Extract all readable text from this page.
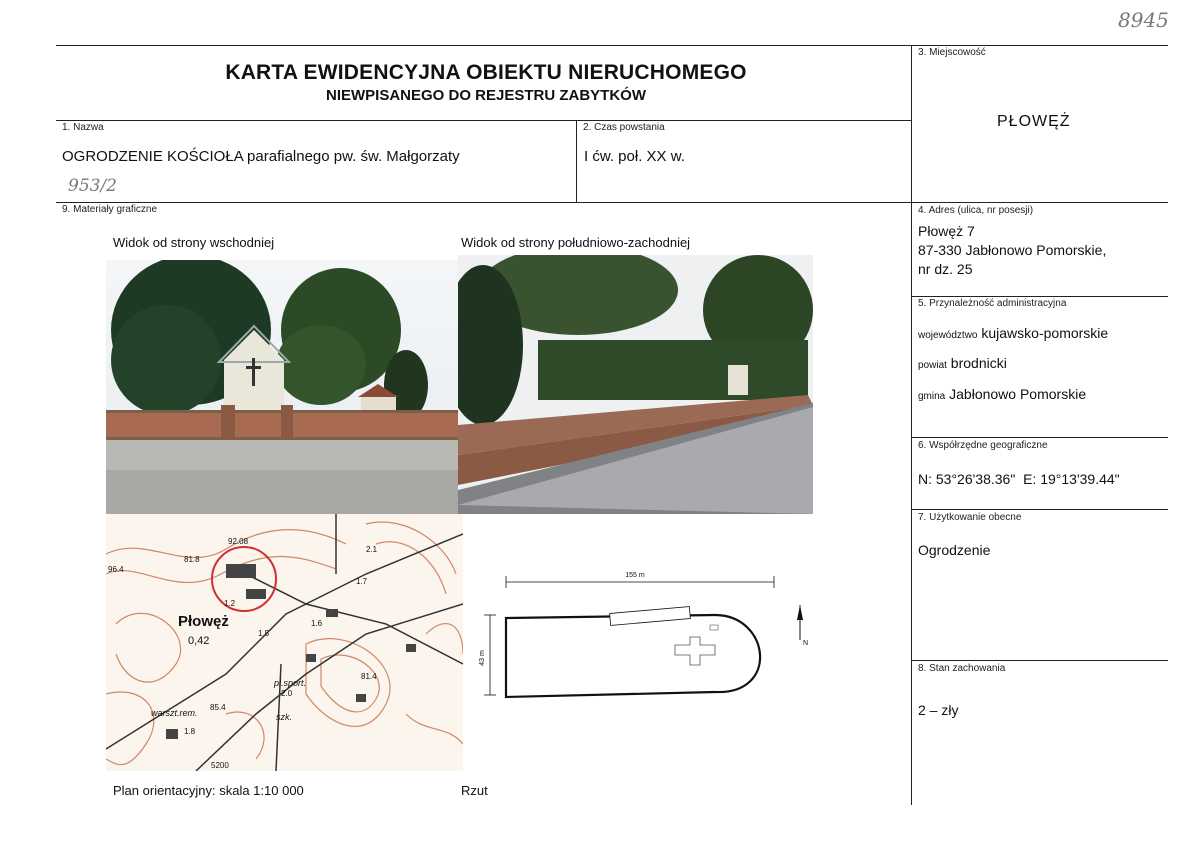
8945
KARTA EWIDENCYJNA OBIEKTU NIERUCHOMEGO
NIEWPISANEGO DO REJESTRU ZABYTKÓW
1. Nazwa
OGRODZENIE KOŚCIOŁA parafialnego pw. św. Małgorzaty
953/2
2. Czas powstania
I ćw. poł. XX w.
3. Miejscowość
PŁOWĘŻ
4. Adres (ulica, nr posesji)
Płowęż 7
87-330 Jabłonowo Pomorskie,
nr dz. 25
5. Przynależność administracyjna
województwo kujawsko-pomorskie
powiat brodnicki
gmina Jabłonowo Pomorskie
6. Współrzędne geograficzne
N: 53°26'38.36"  E: 19°13'39.44"
7. Użytkowanie obecne
Ogrodzenie
8. Stan zachowania
2 – zły
9. Materiały graficzne
Widok od strony wschodniej	Widok od strony południowo-zachodniej
Płowęż
0,42
92.08
81.8
96.4
2.1
1.7
1.2
1.5
1.6
81.4
2.0
85.4
1.8
5200
pl.sport.
szk.
warszt.rem.
155 m
43 m
N
Plan orientacyjny: skala 1:10 000	Rzut
